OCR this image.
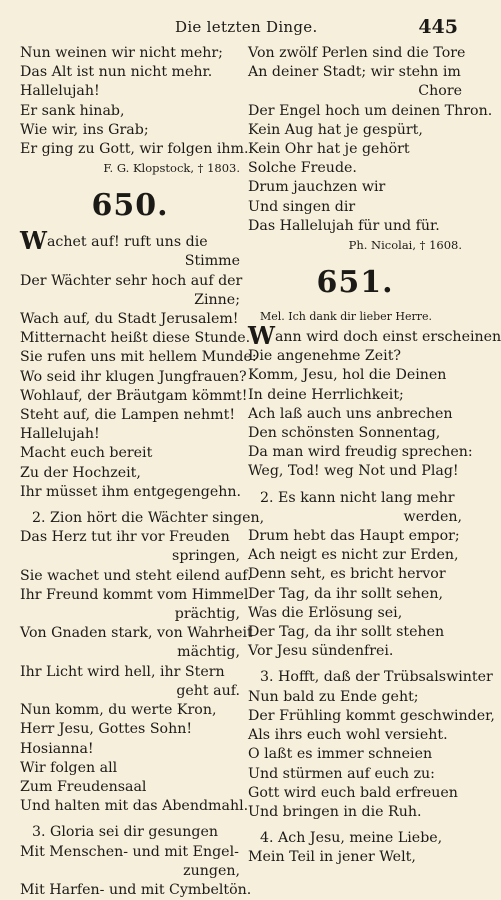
Die letzten Dinge.	445
Nun weinen wir nicht mehr;
Das Alt ist nun nicht mehr.
Hallelujah!
Er sank hinab,
Wie wir, ins Grab;
Er ging zu Gott, wir folgen ihm.
F. G. Klopstock, † 1803.
650.
Wachet auf! ruft uns die
Stimme
Der Wächter sehr hoch auf der
Zinne;
Wach auf, du Stadt Jerusalem!
Mitternacht heißt diese Stunde.
Sie rufen uns mit hellem Munde:
Wo seid ihr klugen Jungfrauen?
Wohlauf, der Bräutgam kömmt!
Steht auf, die Lampen nehmt!
Hallelujah!
Macht euch bereit
Zu der Hochzeit,
Ihr müsset ihm entgegengehn.
2. Zion hört die Wächter singen,
Das Herz tut ihr vor Freuden
springen,
Sie wachet und steht eilend auf.
Ihr Freund kommt vom Himmel
prächtig,
Von Gnaden stark, von Wahrheit
mächtig,
Ihr Licht wird hell, ihr Stern
geht auf.
Nun komm, du werte Kron,
Herr Jesu, Gottes Sohn!
Hosianna!
Wir folgen all
Zum Freudensaal
Und halten mit das Abendmahl.
3. Gloria sei dir gesungen
Mit Menschen- und mit Engel-
zungen,
Mit Harfen- und mit Cymbeltön.
Von zwölf Perlen sind die Tore
An deiner Stadt; wir stehn im
Chore
Der Engel hoch um deinen Thron.
Kein Aug hat je gespürt,
Kein Ohr hat je gehört
Solche Freude.
Drum jauchzen wir
Und singen dir
Das Hallelujah für und für.
Ph. Nicolai, † 1608.
651.
Mel. Ich dank dir lieber Herre.
Wann wird doch einst erscheinen
Die angenehme Zeit?
Komm, Jesu, hol die Deinen
In deine Herrlichkeit;
Ach laß auch uns anbrechen
Den schönsten Sonnentag,
Da man wird freudig sprechen:
Weg, Tod! weg Not und Plag!
2. Es kann nicht lang mehr
werden,
Drum hebt das Haupt empor;
Ach neigt es nicht zur Erden,
Denn seht, es bricht hervor
Der Tag, da ihr sollt sehen,
Was die Erlösung sei,
Der Tag, da ihr sollt stehen
Vor Jesu sündenfrei.
3. Hofft, daß der Trübsalswinter
Nun bald zu Ende geht;
Der Frühling kommt geschwinder,
Als ihrs euch wohl versieht.
O laßt es immer schneien
Und stürmen auf euch zu:
Gott wird euch bald erfreuen
Und bringen in die Ruh.
4. Ach Jesu, meine Liebe,
Mein Teil in jener Welt,
